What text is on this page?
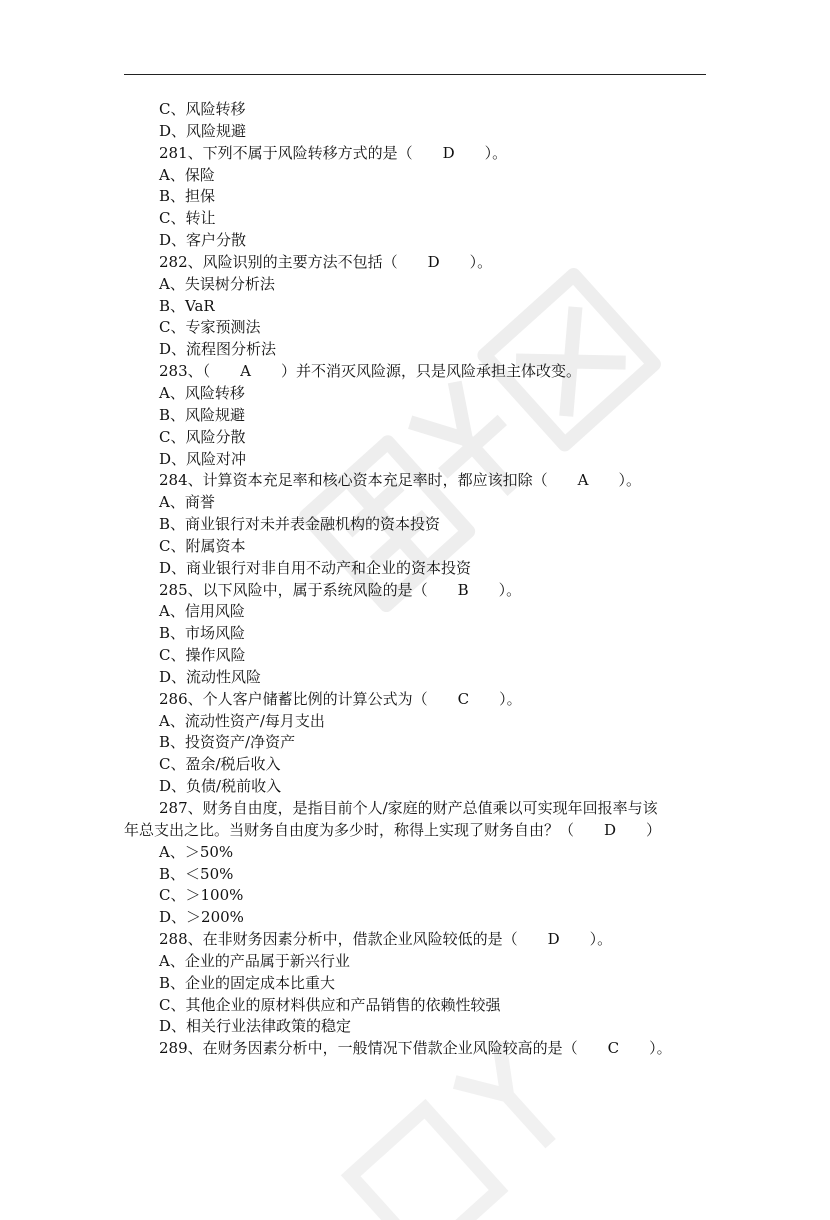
C、风险转移
D、风险规避
281、下列不属于风险转移方式的是（　　D　　）。
A、保险
B、担保
C、转让
D、客户分散
282、风险识别的主要方法不包括（　　D　　）。
A、失误树分析法
B、VaR
C、专家预测法
D、流程图分析法
283、（　　A　　）并不消灭风险源，只是风险承担主体改变。
A、风险转移
B、风险规避
C、风险分散
D、风险对冲
284、计算资本充足率和核心资本充足率时，都应该扣除（　　A　　）。
A、商誉
B、商业银行对未并表金融机构的资本投资
C、附属资本
D、商业银行对非自用不动产和企业的资本投资
285、以下风险中，属于系统风险的是（　　B　　）。
A、信用风险
B、市场风险
C、操作风险
D、流动性风险
286、个人客户储蓄比例的计算公式为（　　C　　）。
A、流动性资产/每月支出
B、投资资产/净资产
C、盈余/税后收入
D、负债/税前收入
287、财务自由度，是指目前个人/家庭的财产总值乘以可实现年回报率与该
年总支出之比。当财务自由度为多少时，称得上实现了财务自由？（　　D　　）
A、＞50%
B、＜50%
C、＞100%
D、＞200%
288、在非财务因素分析中，借款企业风险较低的是（　　D　　）。
A、企业的产品属于新兴行业
B、企业的固定成本比重大
C、其他企业的原材料供应和产品销售的依赖性较强
D、相关行业法律政策的稳定
289、在财务因素分析中，一般情况下借款企业风险较高的是（　　C　　）。
